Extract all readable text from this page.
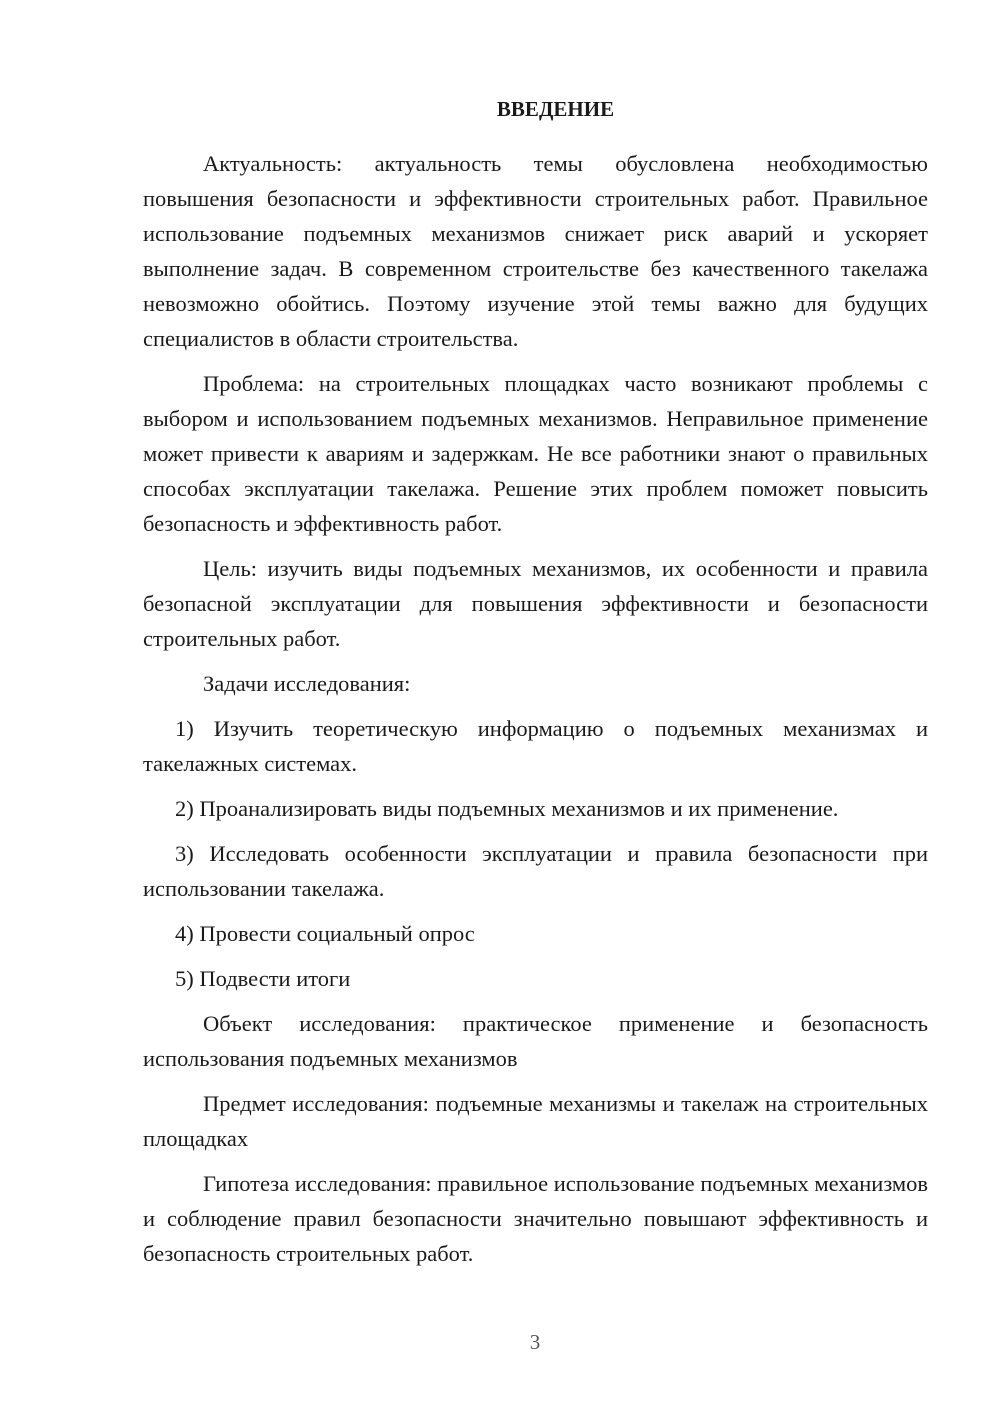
ВВЕДЕНИЕ

Актуальность: актуальность темы обусловлена необходимостью повышения безопасности и эффективности строительных работ. Правильное использование подъемных механизмов снижает риск аварий и ускоряет выполнение задач. В современном строительстве без качественного такелажа невозможно обойтись. Поэтому изучение этой темы важно для будущих специалистов в области строительства.

Проблема: на строительных площадках часто возникают проблемы с выбором и использованием подъемных механизмов. Неправильное применение может привести к авариям и задержкам. Не все работники знают о правильных способах эксплуатации такелажа. Решение этих проблем поможет повысить безопасность и эффективность работ.

Цель: изучить виды подъемных механизмов, их особенности и правила безопасной эксплуатации для повышения эффективности и безопасности строительных работ.

Задачи исследования:

1) Изучить теоретическую информацию о подъемных механизмах и такелажных системах.

2) Проанализировать виды подъемных механизмов и их применение.

3) Исследовать особенности эксплуатации и правила безопасности при использовании такелажа.

4) Провести социальный опрос

5) Подвести итоги

Объект исследования: практическое применение и безопасность использования подъемных механизмов

Предмет исследования: подъемные механизмы и такелаж на строительных площадках

Гипотеза исследования: правильное использование подъемных механизмов и соблюдение правил безопасности значительно повышают эффективность и безопасность строительных работ.

3
